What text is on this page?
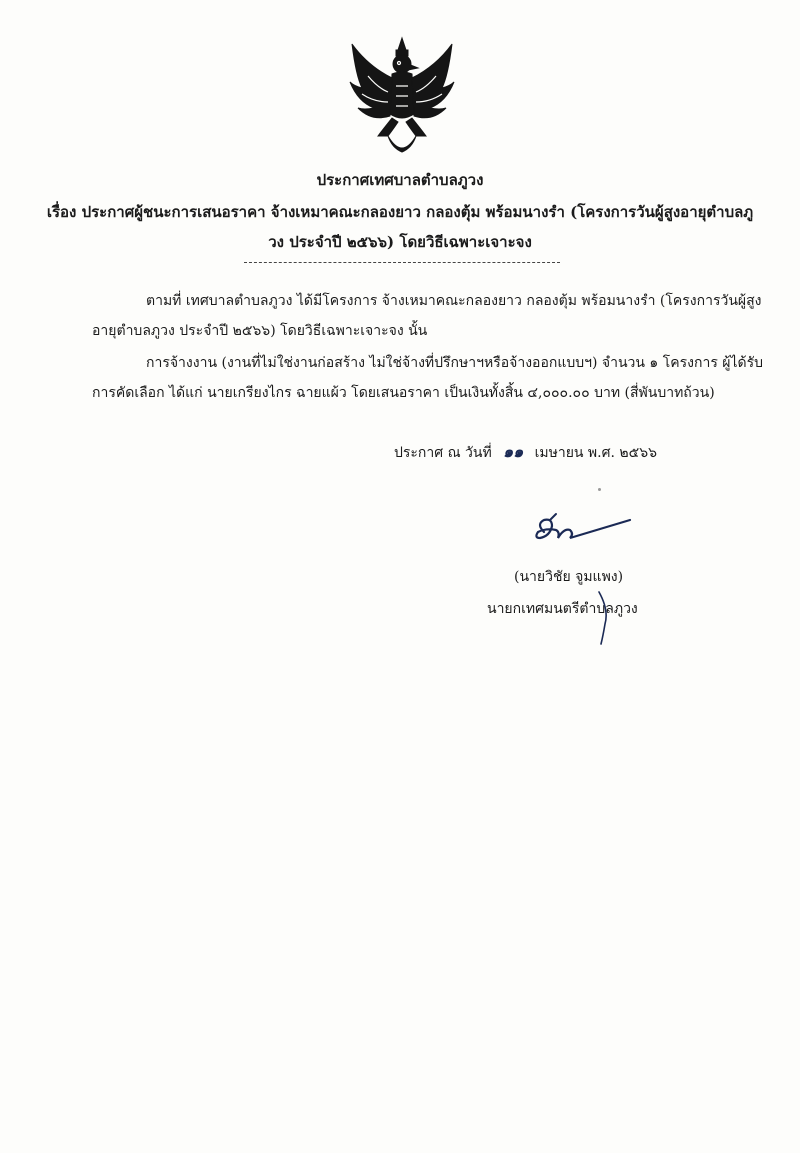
ประกาศเทศบาลตำบลภูวง
เรื่อง ประกาศผู้ชนะการเสนอราคา จ้างเหมาคณะกลองยาว กลองตุ้ม พร้อมนางรำ (โครงการวันผู้สูงอายุตำบลภู
วง ประจำปี ๒๕๖๖) โดยวิธีเฉพาะเจาะจง
ตามที่ เทศบาลตำบลภูวง ได้มีโครงการ จ้างเหมาคณะกลองยาว กลองตุ้ม พร้อมนางรำ (โครงการวันผู้สูง
อายุตำบลภูวง ประจำปี ๒๕๖๖) โดยวิธีเฉพาะเจาะจง นั้น
การจ้างงาน (งานที่ไม่ใช่งานก่อสร้าง ไม่ใช่จ้างที่ปรึกษาฯหรือจ้างออกแบบฯ) จำนวน ๑ โครงการ ผู้ได้รับ
การคัดเลือก ได้แก่ นายเกรียงไกร ฉายแผ้ว โดยเสนอราคา เป็นเงินทั้งสิ้น ๔,๐๐๐.๐๐ บาท (สี่พันบาทถ้วน)
ประกาศ ณ วันที่ ๑๑ เมษายน พ.ศ. ๒๕๖๖
(นายวิชัย จูมแพง)
นายกเทศมนตรีตำบลภูวง
